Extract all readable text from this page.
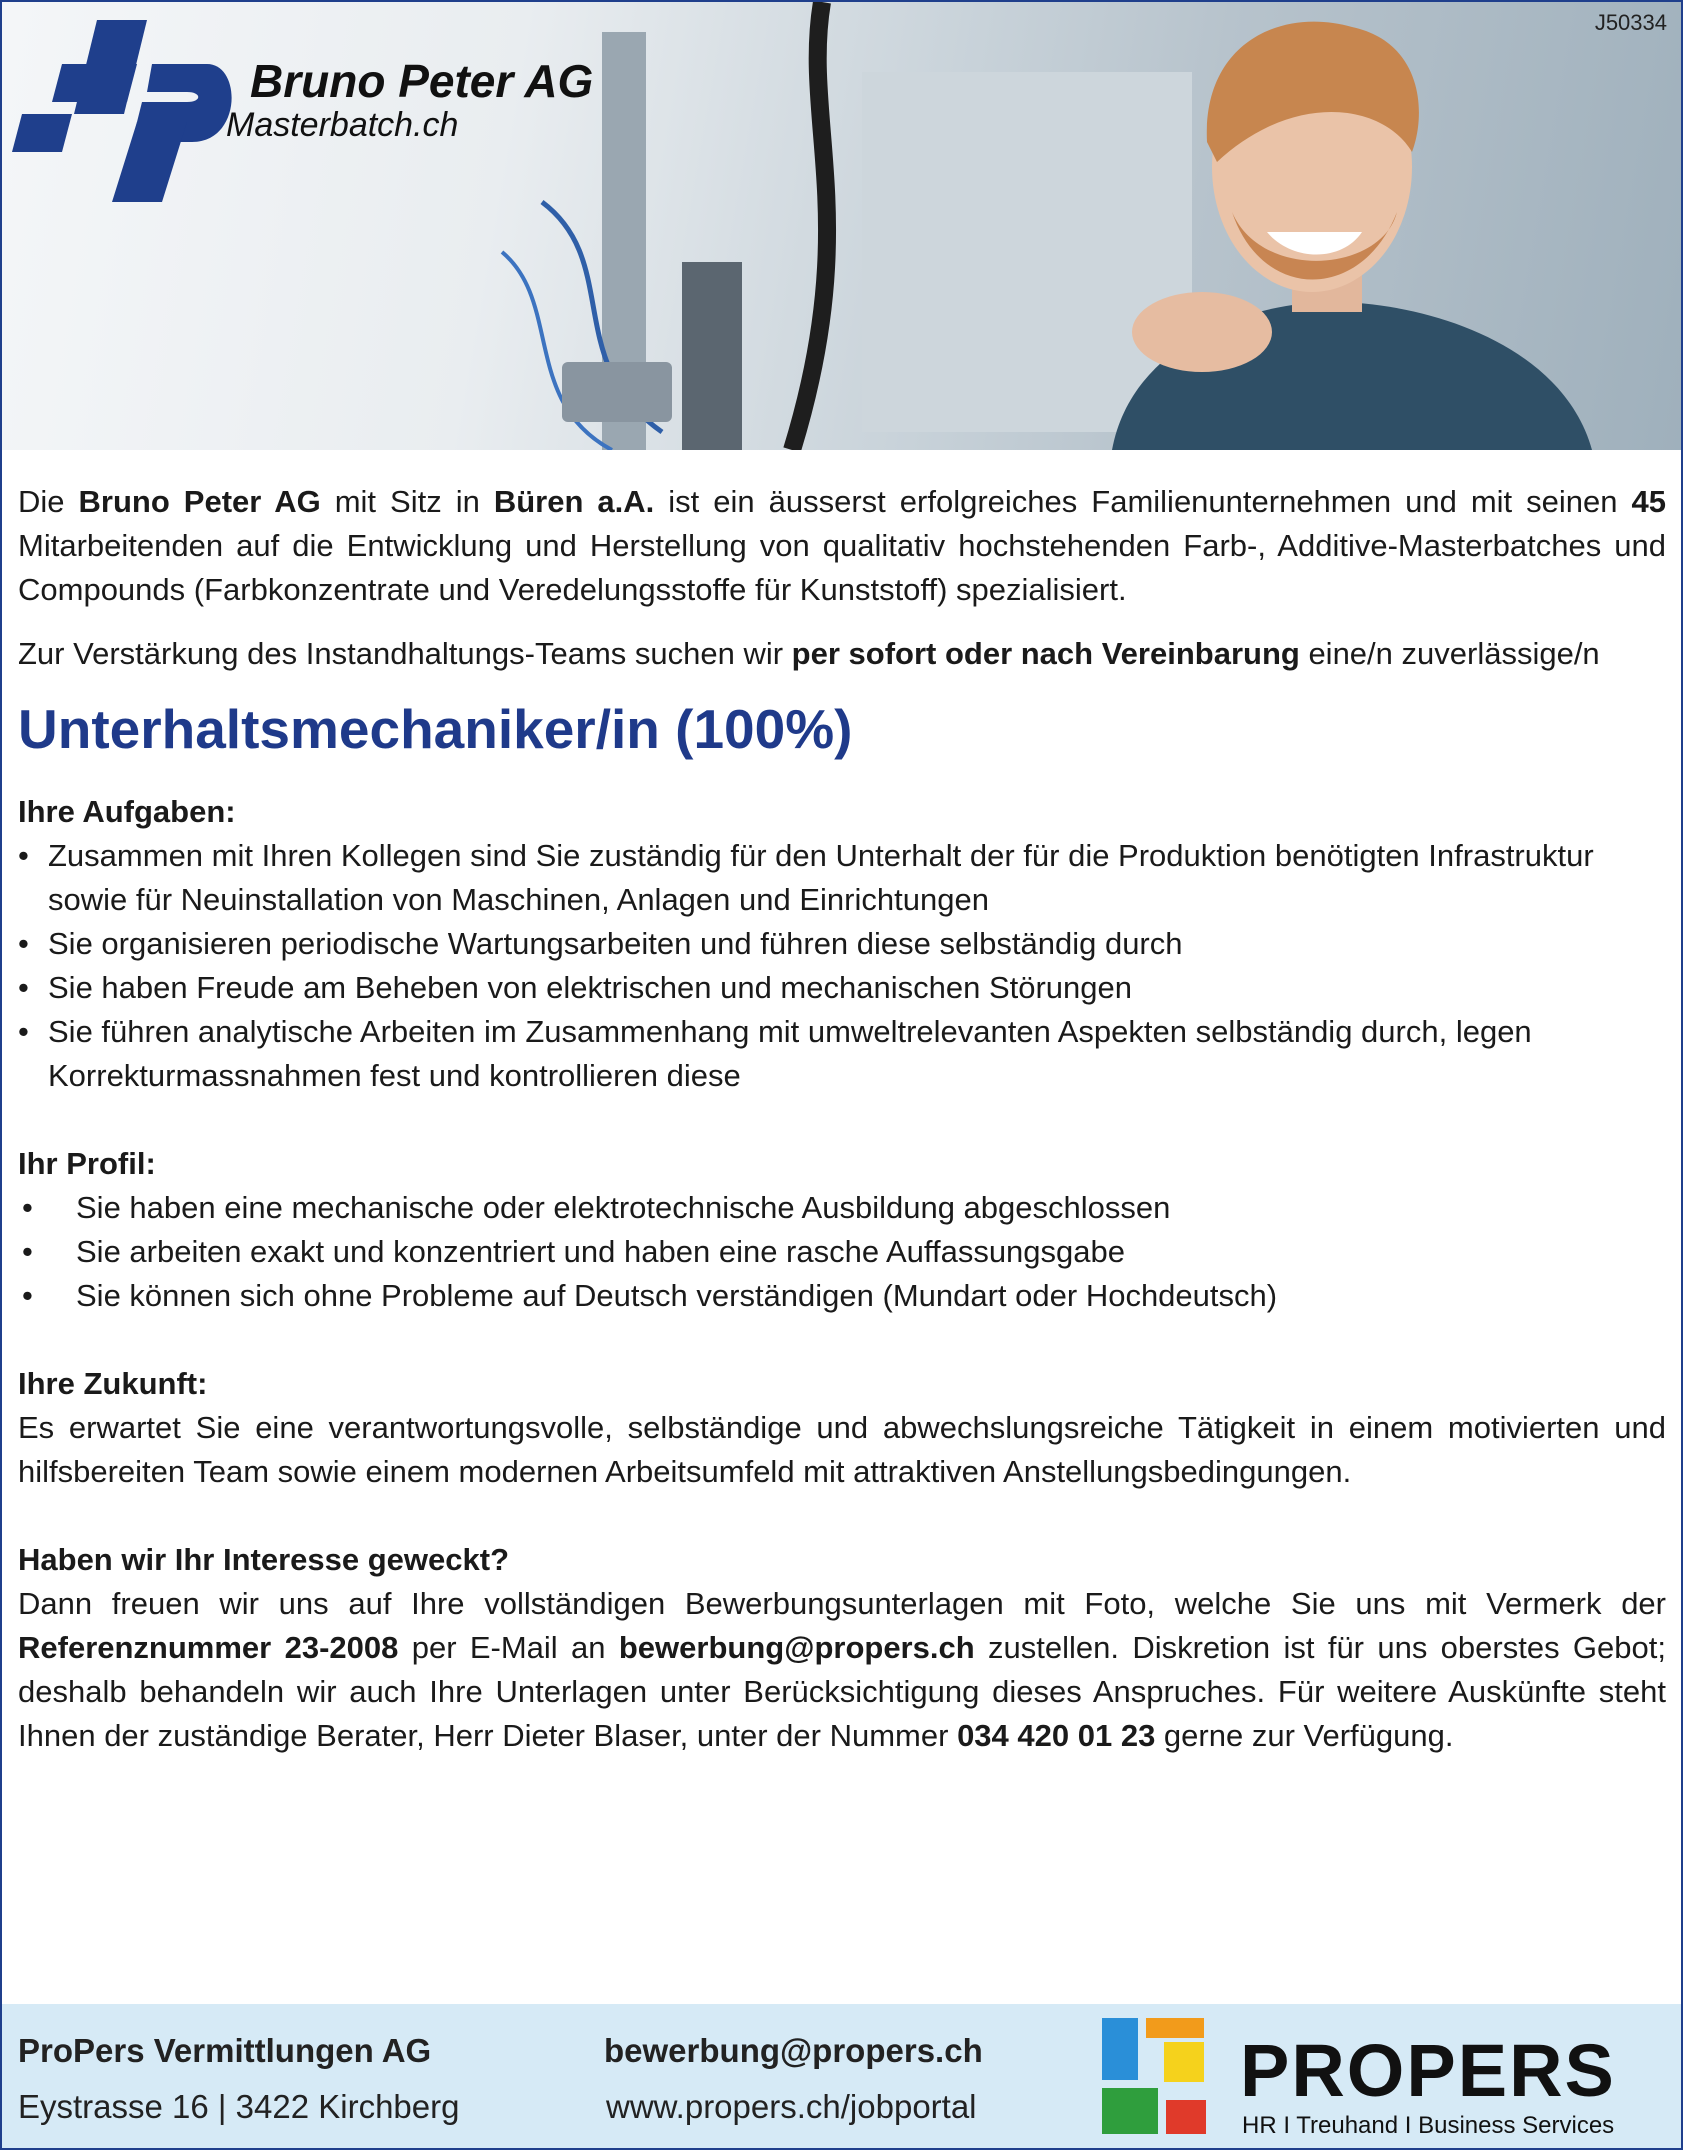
Bruno Peter AG
Masterbatch.ch
J50334

Die Bruno Peter AG mit Sitz in Büren a.A. ist ein äusserst erfolgreiches Familienunternehmen und mit seinen 45 Mitarbeitenden auf die Entwicklung und Herstellung von qualitativ hochstehenden Farb-, Additive-Masterbatches und Compounds (Farbkonzentrate und Veredelungsstoffe für Kunststoff) spezialisiert.

Zur Verstärkung des Instandhaltungs-Teams suchen wir per sofort oder nach Vereinbarung eine/n zuverlässige/n

Unterhaltsmechaniker/in (100%)
Ihre Aufgaben:
• Zusammen mit Ihren Kollegen sind Sie zuständig für den Unterhalt der für die Produktion benötigten Infrastruktur sowie für Neuinstallation von Maschinen, Anlagen und Einrichtungen
• Sie organisieren periodische Wartungsarbeiten und führen diese selbständig durch
• Sie haben Freude am Beheben von elektrischen und mechanischen Störungen
• Sie führen analytische Arbeiten im Zusammenhang mit umweltrelevanten Aspekten selbständig durch, legen Korrekturmassnahmen fest und kontrollieren diese
Ihr Profil:
• Sie haben eine mechanische oder elektrotechnische Ausbildung abgeschlossen
• Sie arbeiten exakt und konzentriert und haben eine rasche Auffassungsgabe
• Sie können sich ohne Probleme auf Deutsch verständigen (Mundart oder Hochdeutsch)
Ihre Zukunft:

Es erwartet Sie eine verantwortungsvolle, selbständige und abwechslungsreiche Tätigkeit in einem motivierten und hilfsbereiten Team sowie einem modernen Arbeitsumfeld mit attraktiven Anstellungsbedingungen.

Haben wir Ihr Interesse geweckt?

Dann freuen wir uns auf Ihre vollständigen Bewerbungsunterlagen mit Foto, welche Sie uns mit Vermerk der Referenznummer 23-2008 per E-Mail an bewerbung@propers.ch zustellen. Diskretion ist für uns oberstes Gebot; deshalb behandeln wir auch Ihre Unterlagen unter Berücksichtigung dieses Anspruches. Für weitere Auskünfte steht Ihnen der zuständige Berater, Herr Dieter Blaser, unter der Nummer 034 420 01 23 gerne zur Verfügung.

ProPers Vermittlungen AG
Eystrasse 16 | 3422 Kirchberg
bewerbung@propers.ch
www.propers.ch/jobportal	PROPERS
HR I Treuhand I Business Services
